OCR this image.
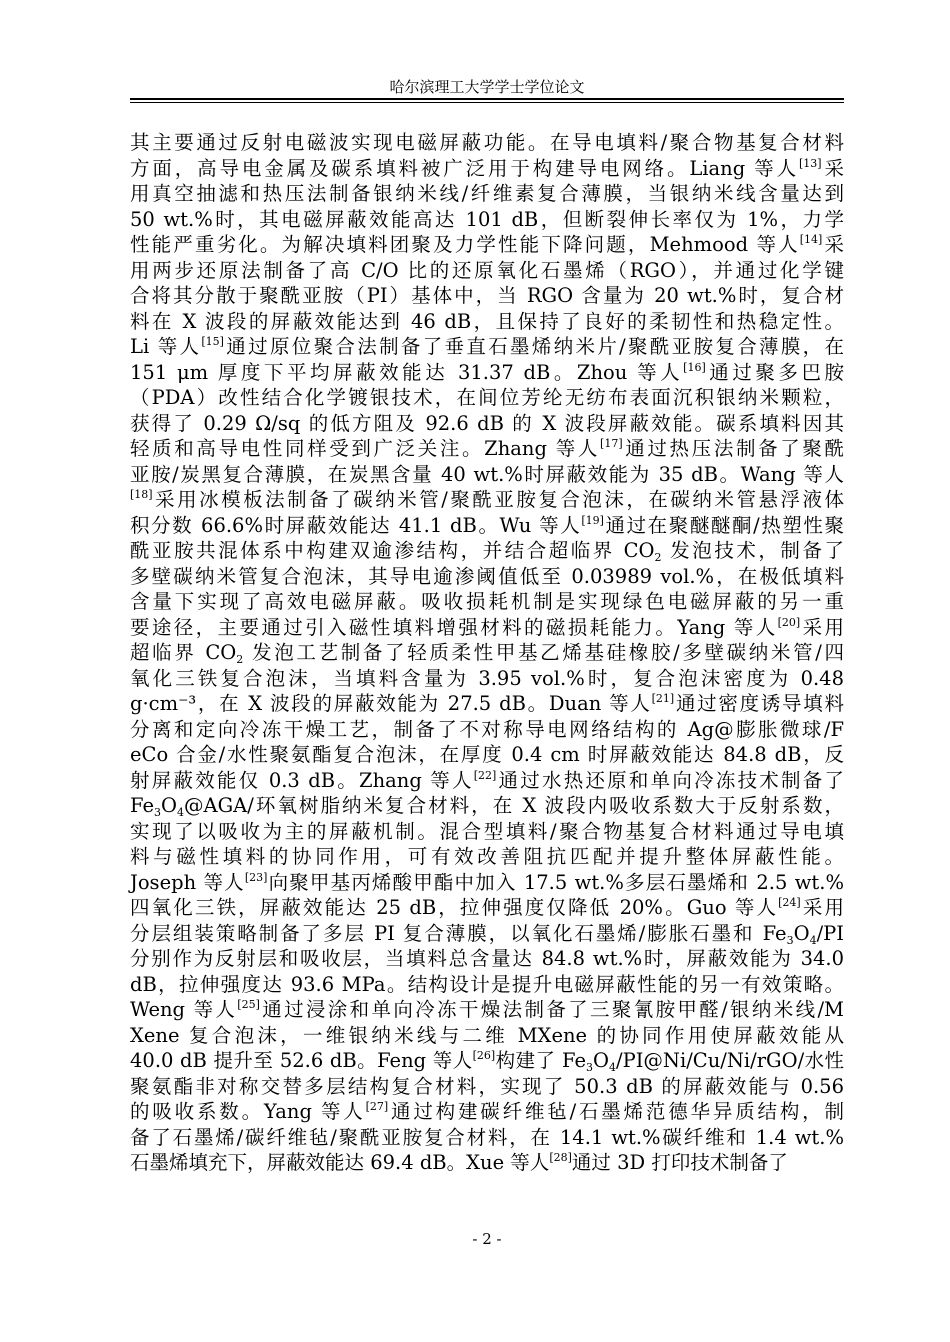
哈尔滨理工大学学士学位论文
其主要通过反射电磁波实现电磁屏蔽功能。在导电填料/聚合物基复合材料
方面，高导电金属及碳系填料被广泛用于构建导电网络。Liang 等人[13]采
用真空抽滤和热压法制备银纳米线/纤维素复合薄膜，当银纳米线含量达到
50 wt.%时，其电磁屏蔽效能高达 101 dB，但断裂伸长率仅为 1%，力学
性能严重劣化。为解决填料团聚及力学性能下降问题，Mehmood 等人[14]采
用两步还原法制备了高 C/O 比的还原氧化石墨烯（RGO），并通过化学键
合将其分散于聚酰亚胺（PI）基体中，当 RGO 含量为 20 wt.%时，复合材
料在 X 波段的屏蔽效能达到 46 dB，且保持了良好的柔韧性和热稳定性。
Li 等人[15]通过原位聚合法制备了垂直石墨烯纳米片/聚酰亚胺复合薄膜，在
151 μm 厚度下平均屏蔽效能达 31.37 dB。Zhou 等人[16]通过聚多巴胺
（PDA）改性结合化学镀银技术，在间位芳纶无纺布表面沉积银纳米颗粒，
获得了 0.29 Ω/sq 的低方阻及 92.6 dB 的 X 波段屏蔽效能。碳系填料因其
轻质和高导电性同样受到广泛关注。Zhang 等人[17]通过热压法制备了聚酰
亚胺/炭黑复合薄膜，在炭黑含量 40 wt.%时屏蔽效能为 35 dB。Wang 等人
[18]采用冰模板法制备了碳纳米管/聚酰亚胺复合泡沫，在碳纳米管悬浮液体
积分数 66.6%时屏蔽效能达 41.1 dB。Wu 等人[19]通过在聚醚醚酮/热塑性聚
酰亚胺共混体系中构建双逾渗结构，并结合超临界 $CO_2$ 发泡技术，制备了
多壁碳纳米管复合泡沫，其导电逾渗阈值低至 0.03989 vol.%，在极低填料
含量下实现了高效电磁屏蔽。吸收损耗机制是实现绿色电磁屏蔽的另一重
要途径，主要通过引入磁性填料增强材料的磁损耗能力。Yang 等人[20]采用
超临界 $CO_2$ 发泡工艺制备了轻质柔性甲基乙烯基硅橡胶/多壁碳纳米管/四
氧化三铁复合泡沫，当填料含量为 3.95 vol.%时，复合泡沫密度为 0.48
g·cm⁻³，在 X 波段的屏蔽效能为 27.5 dB。Duan 等人[21]通过密度诱导填料
分离和定向冷冻干燥工艺，制备了不对称导电网络结构的 Ag@膨胀微球/F
eCo 合金/水性聚氨酯复合泡沫，在厚度 0.4 cm 时屏蔽效能达 84.8 dB，反
射屏蔽效能仅 0.3 dB。Zhang 等人[22]通过水热还原和单向冷冻技术制备了
$Fe_3O_4@AGA/$环氧树脂纳米复合材料，在 X 波段内吸收系数大于反射系数，
实现了以吸收为主的屏蔽机制。混合型填料/聚合物基复合材料通过导电填
料与磁性填料的协同作用，可有效改善阻抗匹配并提升整体屏蔽性能。
Joseph 等人[23]向聚甲基丙烯酸甲酯中加入 17.5 wt.%多层石墨烯和 2.5 wt.%
四氧化三铁，屏蔽效能达 25 dB，拉伸强度仅降低 20%。Guo 等人[24]采用
分层组装策略制备了多层 PI 复合薄膜，以氧化石墨烯/膨胀石墨和 $Fe_3O_4/PI$
分别作为反射层和吸收层，当填料总含量达 84.8 wt.%时，屏蔽效能为 34.0
dB，拉伸强度达 93.6 MPa。结构设计是提升电磁屏蔽性能的另一有效策略。
Weng 等人[25]通过浸涂和单向冷冻干燥法制备了三聚氰胺甲醛/银纳米线/M
Xene 复合泡沫，一维银纳米线与二维 MXene 的协同作用使屏蔽效能从
40.0 dB 提升至 52.6 dB。Feng 等人[26]构建了 $Fe_3O_4/PI@Ni/Cu/Ni/rGO/$水性
聚氨酯非对称交替多层结构复合材料，实现了 50.3 dB 的屏蔽效能与 0.56
的吸收系数。Yang 等人[27]通过构建碳纤维毡/石墨烯范德华异质结构，制
备了石墨烯/碳纤维毡/聚酰亚胺复合材料，在 14.1 wt.%碳纤维和 1.4 wt.%
石墨烯填充下，屏蔽效能达 69.4 dB。Xue 等人[28]通过 3D 打印技术制备了
- 2 -
